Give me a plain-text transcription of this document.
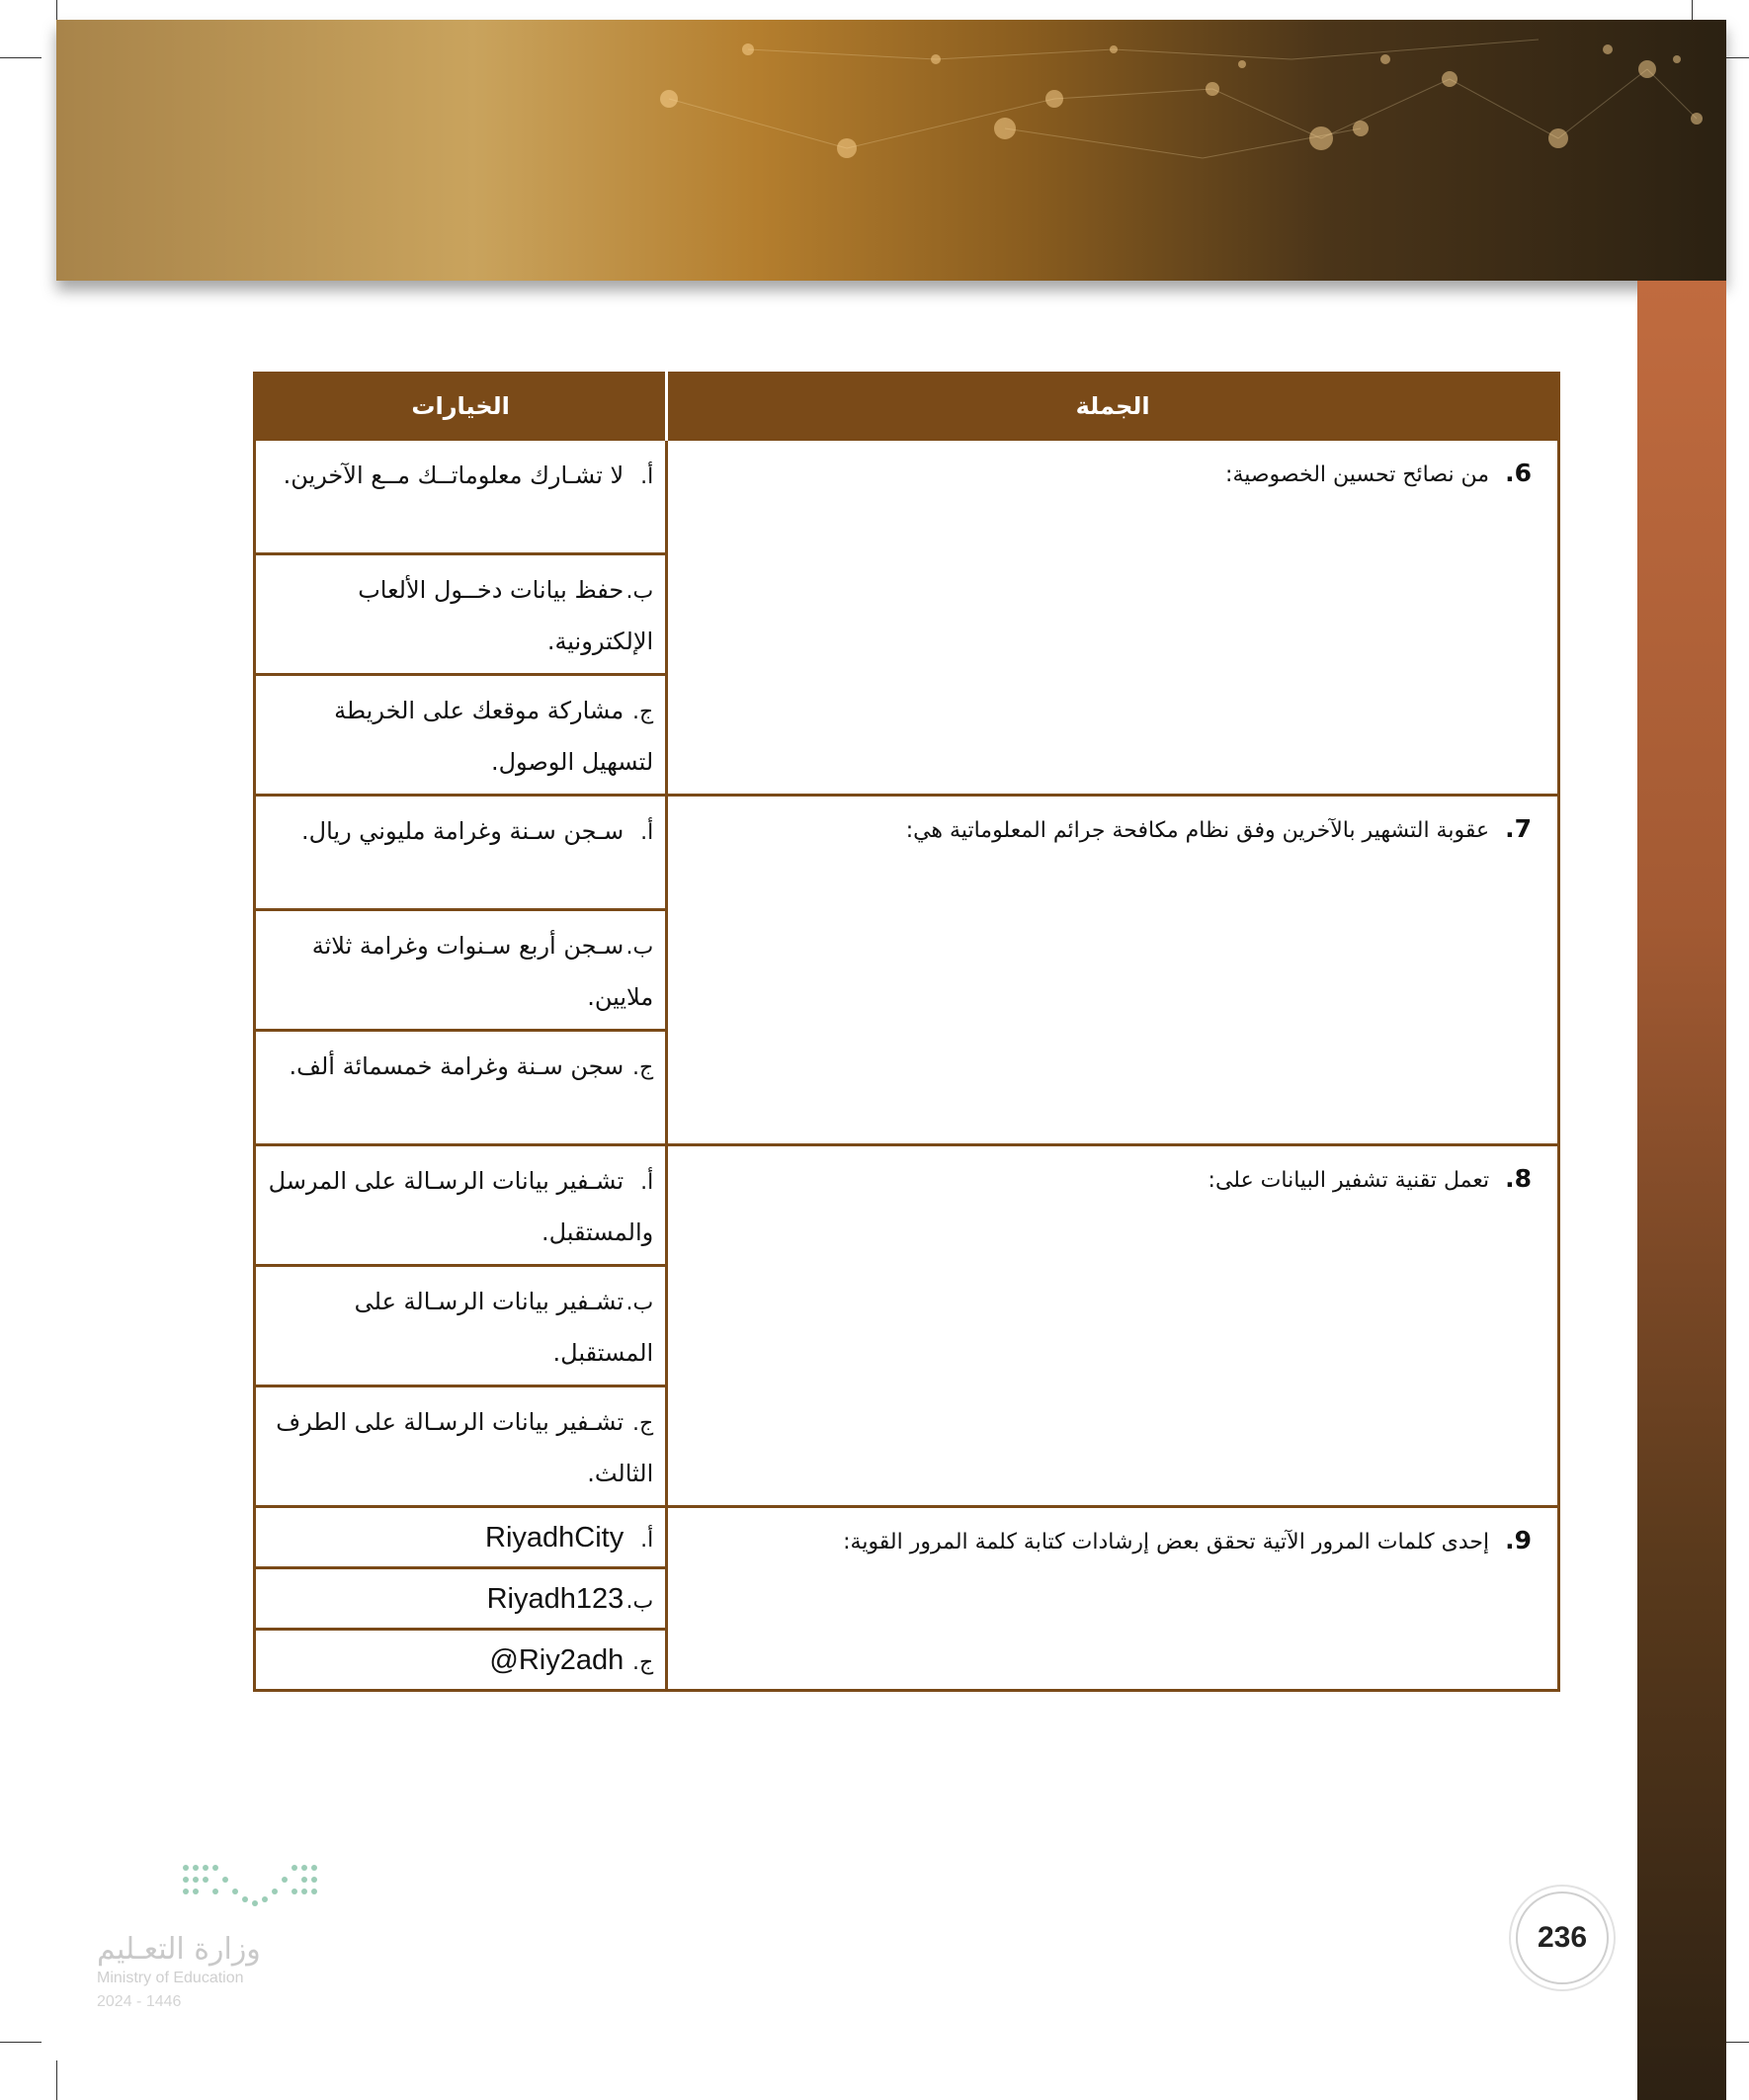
الجملة	الخيارات
6.من نصائح تحسين الخصوصية:	أ.لا تشـارك معلوماتــك مــع الآخرين.
	ب.حفظ بيانات دخــول الألعاب الإلكترونية.
	ج.مشاركة موقعك على الخريطة لتسهيل الوصول.
7.عقوبة التشهير بالآخرين وفق نظام مكافحة جرائم المعلوماتية هي:	أ.سـجن سـنة وغرامة مليوني ريال.
	ب.سـجن أربع سـنوات وغرامة ثلاثة ملايين.
	ج.سجن سـنة وغرامة خمسمائة ألف.
8.تعمل تقنية تشفير البيانات على:	أ.تشـفير بيانات الرسـالة على المرسل والمستقبل.
	ب.تشـفير بيانات الرسـالة على المستقبل.
	ج.تشـفير بيانات الرسـالة على الطرف الثالث.
9.إحدى كلمات المرور الآتية تحقق بعض إرشادات كتابة كلمة المرور القوية:	أ.RiyadhCity
	ب.Riyadh123
	ج.Riy2adh@
وزارة التعـليم
Ministry of Education
2024 - 1446
236
